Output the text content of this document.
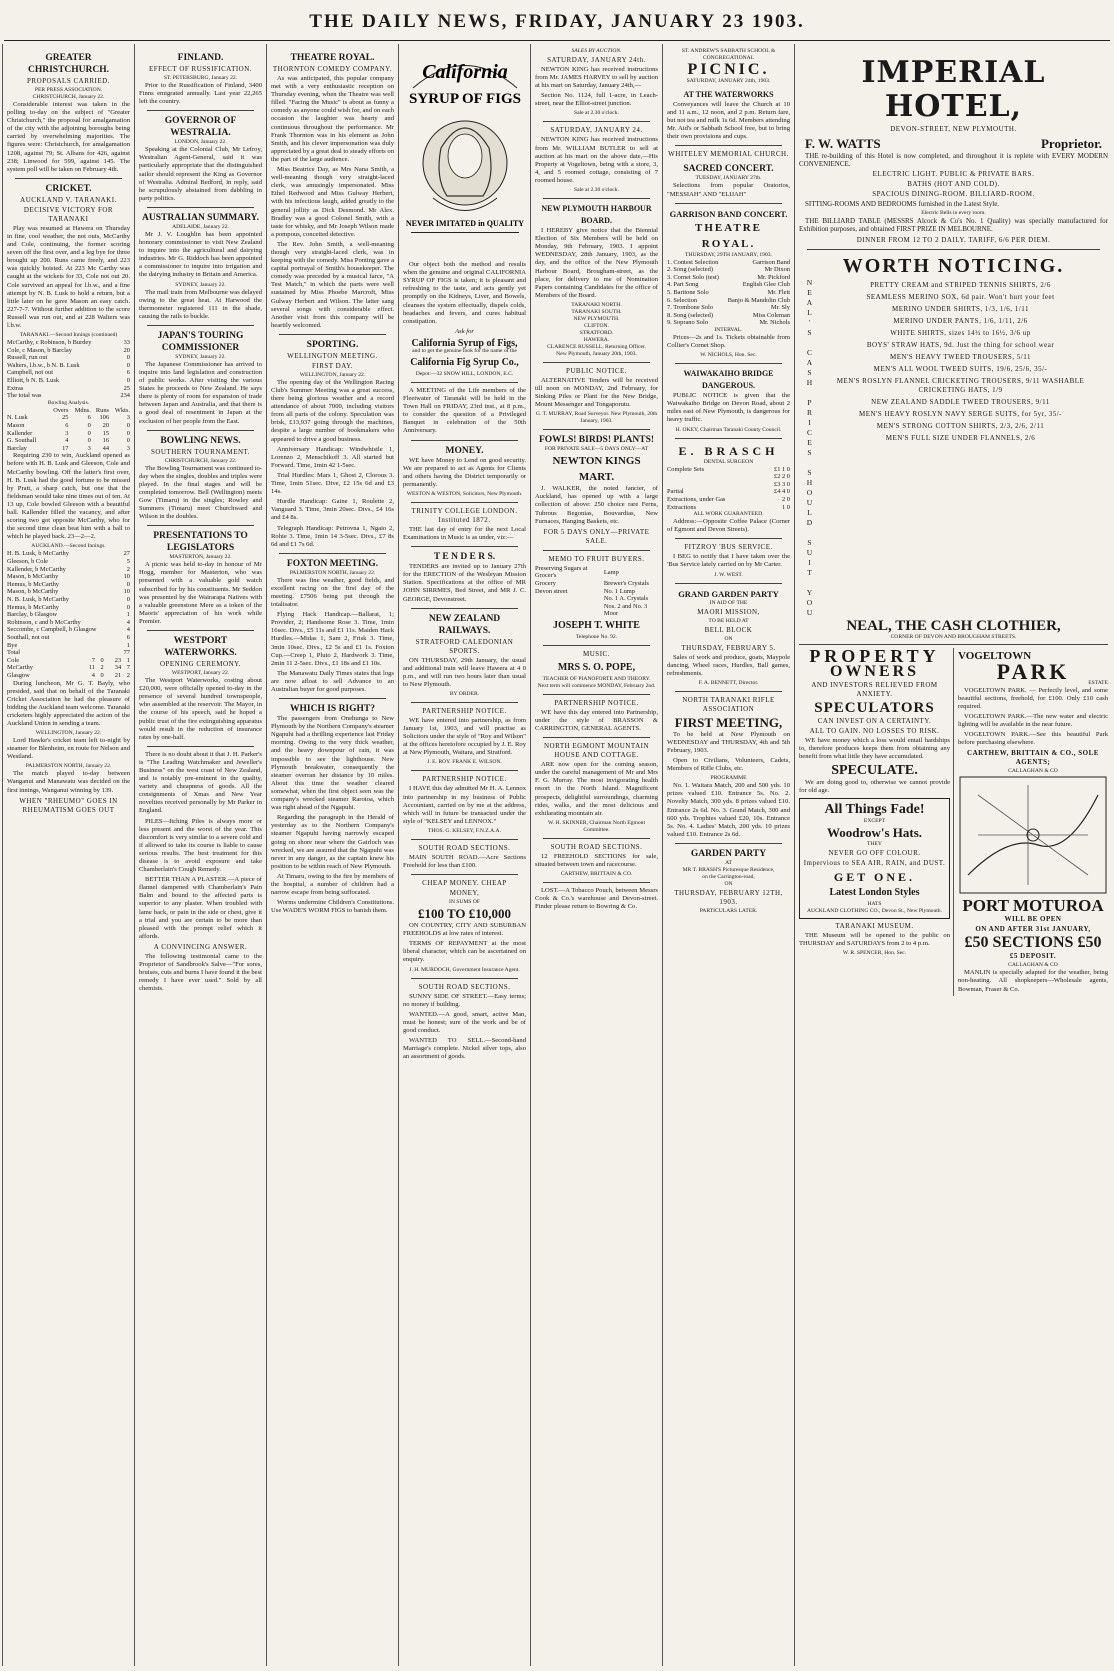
THE DAILY NEWS, FRIDAY, JANUARY 23 1903.
GREATER CHRISTCHURCH.
PROPOSALS CARRIED.
PER PRESS ASSOCIATION.
CHRISTCHURCH, January 22.
Considerable interest was taken in the polling to-day on the subject of "Greater Christchurch," the proposal for amalgamation of the city with the adjoining boroughs being carried by overwhelming majorities. The figures were: Christchurch, for amalgamation 1208, against 79; St. Albans for 426, against 238; Linwood for 599, against 145. The system poll will be taken on February 4th.
CRICKET.
AUCKLAND V. TARANAKI.
DECISIVE VICTORY FOR TARANAKI
Play was resumed at Hawera on Thursday in fine, cool weather, the not outs, McCarthy and Cole, continuing, the former scoring seven off the first over, and a leg bye for three brought up 200. Runs came freely, and 223 was quickly hoisted. At 223 Mc Carthy was caught at the wickets for 33, Cole not out 20. Cole survived an appeal for l.b.w., and a fine attempt by N. B. Lusk to hold a return, but a little later on he gave Mason an easy catch. 227-7-7. Without further addition to the score Russell was run out, and at 228 Walters was l.b.w.
TARANAKI.—Second Innings (continued)
McCarthy, c Robinson, b Burdey	33
Cole, c Mason, b Barclay	20
Russell, run out	0
Walters, l.b.w., b N. B. Lusk	0
Campbell, not out	6
Elliott, b N. B. Lusk	0
Extras	25
The total was	234
Bowling Analysis.
	Overs	Mdns.	Runs	Wkts.
N. Lusk	25	6	106	3
Mason	6	0	20	0
Kallender	3	0	15	0
G. Southall	4	0	16	0
Barclay	17	3	44	3
Requiring 230 to win, Auckland opened as before with H. B. Lusk and Gleeson, Cole and McCarthy bowling. Off the latter's first over, H. B. Lusk had the good fortune to be missed by Pratt, a sharp catch, but one that the fieldsman would take nine times out of ten. At 13 up, Cole bowled Gleeson with a beautiful ball. Kallender filled the vacancy, and after scoring two got opposite McCarthy, who for the second time clean beat him with a ball to which he played back. 23—2—2.
AUCKLAND.—Second Innings.
H. B. Lusk, b McCarthy	27
Gleeson, b Cole	5
Kallender, b McCarthy	2
Mason, b McCarthy	10
Hemus, b McCarthy	0
Mason, b McCarthy	10
N. B. Lusk, b McCarthy	0
Hemus, b McCarthy	0
Barclay, b Glasgow	1
Robinson, c and b McCarthy	4
Seccombe, c Campbell, b Glasgow	4
Southall, not out	6
Bye	1
Total	77
Cole	7	0	23	1
McCarthy	11	2	34	7
Glasgow	4	0	21	2
During luncheon, Mr G. T. Bayly, who presided, said that on behalf of the Taranaki Cricket Association he had the pleasure of bidding the Auckland team welcome. Taranaki cricketers highly appreciated the action of the Auckland Union in sending a team.
WELLINGTON, January 22.
Lord Hawke's cricket team left to-night by steamer for Blenheim, en route for Nelson and Westland.
PALMERSTON NORTH, January 22.
The match played to-day between Wanganui and Manawatu was decided on the first innings, Wanganui winning by 139.
WHEN "RHEUMO" GOES IN RHEUMATISM GOES OUT
FINLAND.
EFFECT OF RUSSIFICATION.
ST. PETERSBURG, January 22.
Prior to the Russification of Finland, 3400 Finns emigrated annually. Last year 22,265 left the country.
GOVERNOR OF WESTRALIA.
LONDON, January 22.
Speaking at the Colonial Club, Mr Lefroy, Westralian Agent-General, said it was particularly appropriate that the distinguished sailor should represent the King as Governor of Westralia. Admiral Bedford, in reply, said he scrupulously abstained from dabbling in party politics.
AUSTRALIAN SUMMARY.
ADELAIDE, January 22.
Mr J. V. Loughlin has been appointed honorary commissioner to visit New Zealand to inquire into the agricultural and dairying industries. Mr G. Riddoch has been appointed a commissioner to inquire into irrigation and the dairying industry in Britain and America.
SYDNEY, January 22.
The mail train from Melbourne was delayed owing to the great heat. At Harwood the thermometer registered 111 in the shade, causing the rails to buckle.
JAPAN'S TOURING COMMISSIONER
SYDNEY, January 22.
The Japanese Commissioner has arrived to inquire into land legislation and construction of public works. After visiting the various States he proceeds to New Zealand. He says there is plenty of room for expansion of trade between Japan and Australia, and that there is a good deal of resentment in Japan at the exclusion of her people from the East.
BOWLING NEWS.
SOUTHERN TOURNAMENT.
CHRISTCHURCH, January 22.
The Bowling Tournament was continued to-day when the singles, doubles and triples were played. In the final stages and will be completed tomorrow. Bell (Wellington) meets Gow (Timaru) in the singles; Rowley and Summers (Timaru) meet Churchward and Wilson in the doubles.
PRESENTATIONS TO LEGISLATORS
MASTERTON, January 22.
A picnic was held to-day in honour of Mr Hogg, member for Masterton, who was presented with a valuable gold watch subscribed for by his constituents. Mr Seddon was presented by the Wairarapa Natives with a valuable greenstone Mere as a token of the Maoris' appreciation of his work while Premier.
WESTPORT WATERWORKS.
OPENING CEREMONY.
WESTPORT, January 22.
The Westport Waterworks, costing about £20,000, were officially opened to-day in the presence of several hundred townspeople, who assembled at the reservoir. The Mayor, in the course of his speech, said he hoped a public trust of the fire extinguishing apparatus would result in the reduction of insurance rates by one-half.
There is no doubt about it that J. H. Parker's is "The Leading Watchmaker and Jeweller's Business" on the west coast of New Zealand, and is notably pre-eminent in the quality, variety and cheapness of goods. All the consignments of Xmas and New Year novelties received personally by Mr Parker in England.
PILES—Itching Piles is always more or less present and the worst of the year. This discomfort is very similar to a severe cold and if allowed to take its course is liable to cause serious results. The best treatment for this disease is to avoid exposure and take Chamberlain's Cough Remedy.
BETTER THAN A PLASTER.—A piece of flannel dampened with Chamberlain's Pain Balm and bound to the affected parts is superior to any plaster. When troubled with lame back, or pain in the side or chest, give it a trial and you are certain to be more than pleased with the prompt relief which it affords.
A CONVINCING ANSWER.
The following testimonial came to the Proprietor of Sandbrook's Salve—"For sores, bruises, cuts and burns I have found it the best remedy I have ever used." Sold by all chemists.
THEATRE ROYAL.
THORNTON COMEDY COMPANY.
As was anticipated, this popular company met with a very enthusiastic reception on Thursday evening, when the Theatre was well filled. "Facing the Music" is about as funny a comedy as anyone could wish for, and on each occasion the laughter was hearty and continuous throughout the performance. Mr Frank Thornton was in his element as John Smith, and his clever impersonation was duly appreciated by a great deal to steady efforts on the part of the large audience.
Miss Beatrice Day, as Mrs Nana Smith, a well-meaning though very straight-laced clerk, was amusingly impersonated. Miss Ethel Redwood and Miss Gulway Herbert, with his infectious laugh, added greatly to the general jollity as Dick Desmond. Mr Alex. Bradley was a good Colonel Smith, with a taste for whisky, and Mr Joseph Wilson made a pompous, conceited detective.
The Rev. John Smith, a well-meaning though very straight-laced clerk, was in keeping with the comedy. Miss Ponting gave a capital portrayal of Smith's housekeeper. The comedy was preceded by a musical farce, "A Test Match," in which the parts were well sustained by Miss Phoebe Marcroft, Miss Gulway Herbert and Wilson. The latter sang several songs with considerable effect. Another visit from this company will be heartily welcomed.
SPORTING.
WELLINGTON MEETING.
FIRST DAY.
WELLINGTON, January 22.
The opening day of the Wellington Racing Club's Summer Meeting was a great success, there being glorious weather and a record attendance of about 7000, including visitors from all parts of the colony. Speculation was brisk, £13,937 going through the machines, despite a large number of bookmakers who appeared to drive a good business.
Anniversary Handicap: Windwhistle 1, Lorenzo 2, Menschikoff 3. All started but Forward. Time, 1min 42 1-5sec.
Trial Hurdles: Mars 1, Ghost 2, Clorous 3. Time, 1min 51sec. Dive, £2 15s 6d and £3 14s.
Hurdle Handicap: Gaine 1, Roulette 2, Vanguard 3. Time, 3min 20sec. Divs., £4 16s and £4 8s.
Telegraph Handicap: Petrovna 1, Ngaio 2, Rohie 3. Time, 1min 14 3-5sec. Divs., £7 8s 6d and £1 7s 6d.
FOXTON MEETING.
PALMERSTON NORTH, January 22.
There was fine weather, good fields, and excellent racing on the first day of the meeting. £7506 being put through the totalisator.
Flying Hack Handicap.—Ballarat, 1; Provider, 2; Handsome Rose 3. Time, 1min 16sec. Divs., £5 11s and £1 11s. Maiden Hack Hurdles.—Midas 1, Sam 2, Frisk 3. Time, 3min 10sec. Divs., £2 5s and £1 1s. Foxton Cup.—Creep 1, Pluto 2, Hardwork 3. Time, 2min 11 2-5sec. Divs., £1 18s and £1 10s.
The Manawatu Daily Times states that logs are now afloat to sell Advance to an Australian buyer for good purposes.
WHICH IS RIGHT?
The passengers from Onehunga to New Plymouth by the Northern Company's steamer Ngapuhi had a thrilling experience last Friday morning. Owing to the very thick weather, and the heavy downpour of rain, it was impossible to see the lighthouse. New Plymouth breakwater, consequently the steamer overran her distance by 10 miles. About this time the weather cleared somewhat, when the first object seen was the company's wrecked steamer Rarotoa, which was right ahead of the Ngapuhi.
Regarding the paragraph in the Herald of yesterday as to the Northern Company's steamer Ngapuhi having narrowly escaped going on shore near where the Gairloch was wrecked, we are assured that the Ngapuhi was never in any danger, as the captain knew his position to be within reach of New Plymouth.
At Timaru, owing to the fire by members of the hospital, a number of children had a narrow escape from being suffocated.
Worms undermine Children's Constitutions. Use WADE'S WORM FIGS to banish them.
California
SYRUP OF FIGS
NEVER IMITATED in QUALITY
Our object both the method and results when the genuine and original CALIFORNIA SYRUP OF FIGS is taken; it is pleasant and refreshing to the taste, and acts gently yet promptly on the Kidneys, Liver, and Bowels, cleanses the system effectually, dispels colds, headaches and fevers, and cures habitual constipation.
Ask for
California Syrup of Figs,
and to get the genuine look for the name of the
California Fig Syrup Co.,
Depot:—32 SNOW HILL, LONDON, E.C.
A MEETING of the Life members of the Fleetwater of Taranaki will be held in the Town Hall on FRIDAY, 23rd inst., at 8 p.m., to consider the question of a Privileged Banquet in celebration of the 50th Anniversary.
MONEY.
WE have Money to Lend on good security. We are prepared to act as Agents for Clients and others having the District temporarily or permanently.
WESTON & WESTON, Solicitors, New Plymouth.
TRINITY COLLEGE LONDON. Instituted 1872.
THE last day of entry for the next Local Examinations in Music is as under, viz:—
T E N D E R S.
TENDERS are invited up to January 27th for the ERECTION of the Wesleyan Mission Station. Specifications at the office of MR JOHN SIRRMES, Bed Street, and MR J. C. GEORGE, Devonstreet.
NEW ZEALAND RAILWAYS.
STRATFORD CALEDONIAN SPORTS.
ON THURSDAY, 29th January, the usual and additional train will leave Hawera at 4 0 p.m., and will run two hours later than usual to New Plymouth.
BY ORDER.
PARTNERSHIP NOTICE.
WE have entered into partnership, as from January 1st, 1903, and will practise as Solicitors under the style of "Roy and Wilson" at the offices heretofore occupied by J. E. Roy at New Plymouth, Waitara, and Stratford.
J. E. ROY. FRANK E. WILSON.
PARTNERSHIP NOTICE.
I HAVE this day admitted Mr H. A. Lennox into partnership in my business of Public Accountant, carried on by me at the address, which will in future be transacted under the style of "KELSEY and LENNOX."
THOS. G. KELSEY, F.N.Z.A.A.
SOUTH ROAD SECTIONS.
MAIN SOUTH ROAD.—Acre Sections Freehold for less than £100.
CHEAP MONEY. CHEAP
MONEY,
IN SUMS OF
£100 TO £10,000
ON COUNTRY, CITY AND SUBURBAN FREEHOLDS at low rates of interest.
TERMS OF REPAYMENT at the most liberal character, which can be ascertained on enquiry.
J. H. MURDOCH, Government Insurance Agent.
SOUTH ROAD SECTIONS.
SUNNY SIDE OF STREET.—Easy terms; no money if building.
WANTED.—A good, smart, active Man, must be honest; sure of the work and be of good conduct.
WANTED TO SELL.—Second-hand Marriage's complete. Nickel silver tops, also an assortment of goods.
SALES BY AUCTION.
SATURDAY, JANUARY 24th.
NEWTON KING has received instructions from Mr. JAMES HARVEY to sell by auction at his mart on Saturday, January 24th,—
Section No. 1124, full 1-acre, in Leach-street, near the Elliot-street junction.
Sale at 2.30 o'clock.
SATURDAY, JANUARY 24.
NEWTON KING has received instructions from Mr. WILLIAM BUTLER to sell at auction at his mart on the above date,—His Property at Vogeltown, being with a store, 3, 4, and 5 roomed cottage, consisting of 7 roomed house.
Sale at 2.30 o'clock.
NEW PLYMOUTH HARBOUR BOARD.
I HEREBY give notice that the Biennial Election of Six Members will be held on Monday, 9th February, 1903. I appoint WEDNESDAY, 28th January, 1903, as the day, and the office of the New Plymouth Harbour Board, Brougham-street, as the place, for delivery to me of Nomination Papers containing Candidates for the office of Members of the Board.
TARANAKI NORTH.
TARANAKI SOUTH.
NEW PLYMOUTH.
CLIFTON.
STRATFORD.
HAWERA.
CLARENCE RUSSELL, Returning Officer.
New Plymouth, January 20th, 1903.
PUBLIC NOTICE.
ALTERNATIVE Tenders will be received till noon on MONDAY, 2nd February, for Sinking Piles or Plant for the New Bridge, Mount Messenger and Tongaporutu.
G. T. MURRAY, Road Surveyor. New Plymouth, 20th January, 1903.
FOWLS! BIRDS! PLANTS!
FOR PRIVATE SALE—5 DAYS ONLY—AT
NEWTON KINGS MART.
J. WALKER, the noted fancier, of Auckland, has opened up with a large collection of above: 250 choice rare Ferns, Tubrous Begonias, Bouvardias, New Furnaces, Hanging Baskets, etc.
FOR 5 DAYS ONLY—PRIVATE SALE.
MEMO TO FRUIT BUYERS.
Preserving Sugars at Grocer's	Lamp
Grocery	Brewer's Crystals
Devon street	No. 1 Lump
	No. 1 A. Crystals
	Nos. 2 and No. 3 Moor
JOSEPH T. WHITE
Telephone No. 92.
MUSIC.
MRS S. O. POPE,
TEACHER OF PIANOFORTE AND THEORY.
Next term will commence MONDAY, February 2nd.
PARTNERSHIP NOTICE.
WE have this day entered into Partnership, under the style of BRASSON & CARRINGTON, GENERAL AGENTS.
NORTH EGMONT MOUNTAIN HOUSE AND COTTAGE.
ARE now open for the coming season, under the careful management of Mr and Mrs F. G. Murray. The most invigorating health resort in the North Island. Magnificent prospects, delightful surroundings, charming rides, walks, and the most delicious and exhilarating mountain air.
W. H. SKINNER, Chairman North Egmont Committee.
SOUTH ROAD SECTIONS.
12 FREEHOLD SECTIONS for sale, situated between town and racecourse.
CARTHEW, BRITTAIN & CO.
LOST.—A Tobacco Pouch, between Messrs Cook & Co.'s warehouse and Devon-street. Finder please return to Bowring & Co.
ST. ANDREW'S SABBATH SCHOOL & CONGREGATIONAL
PICNIC.
SATURDAY, JANUARY 24th, 1903.
AT THE WATERWORKS
Conveyances will leave the Church at 10 and 11 a.m., 12 noon, and 2 p.m. Return fare, but not tea and milk 1s 6d. Members attending Mr. Aid's or Sabbath School free, but to bring their own provisions and cups.
WHITELEY MEMORIAL CHURCH.
SACRED CONCERT.
TUESDAY, JANUARY 27th.
Selections from popular Oratorios, "MESSIAH" AND "ELIJAH"
GARRISON BAND CONCERT.
THEATRE ROYAL.
THURSDAY, 29TH JANUARY, 1903.
1. Contest Selection	Garrison Band
2. Song (selected)	Mr Dixon
3. Cornet Solo (test)	Mr. Pickford
4. Part Song	English Glee Club
5. Baritone Solo	Mr. Flett
6. Selection	Banjo & Mandolin Club
7. Trombone Solo	Mr. Sly
8. Song (selected)	Miss Coleman
9. Soprano Solo	Mr. Nichols
INTERVAL.
Prices—2s and 1s. Tickets obtainable from Collier's Cornet Shop.
W. NICHOLS, Hon. Sec.
WAIWAKAIHO BRIDGE DANGEROUS.
PUBLIC NOTICE is given that the Waiwakaiho Bridge on Devon Road, about 2 miles east of New Plymouth, is dangerous for heavy traffic.
H. OKEY, Chairman Taranaki County Council.
E. BRASCH
DENTAL SURGEON
Complete Sets	£1 1 0
	£2 2 0
	£3 3 0
Partial	£4 4 0
Extractions, under Gas	2 0
Extractions	1 0
ALL WORK GUARANTEED.
Address:—Opposite Coffee Palace (Corner of Egmont and Devon Streets).
FITZROY 'BUS SERVICE.
I BEG to notify that I have taken over the 'Bus Service lately carried on by Mr Carter.
J. W. WEST.
GRAND GARDEN PARTY
IN AID OF THE
MAORI MISSION,
TO BE HELD AT
BELL BLOCK
ON
THURSDAY, FEBRUARY 5.
Sales of work and produce, goats, Maypole dancing, Wheel races, Hurdles, Ball games, refreshments.
F. A. BENNETT, Director.
NORTH TARANAKI RIFLE ASSOCIATION
FIRST MEETING,
To be held at New Plymouth on WEDNESDAY and THURSDAY, 4th and 5th February, 1903.
Open to Civilians, Volunteers, Cadets, Members of Rifle Clubs, etc.
PROGRAMME
No. 1. Waitara Match, 200 and 500 yds. 10 prizes valued £10. Entrance 5s. No. 2. Novelty Match, 300 yds. 8 prizes valued £10. Entrance 2s 6d. No. 3. Grand Match, 300 and 600 yds. Trophies valued £20, 10s. Entrance 5s. No. 4. Ladies' Match, 200 yds. 10 prizes valued £10. Entrance 2s 6d.
GARDEN PARTY
AT
MR T. BRASH'S Picturesque Residence,
on the Carrington-road,
ON
THURSDAY, FEBRUARY 12TH, 1903.
PARTICULARS LATER.
IMPERIAL HOTEL,
DEVON-STREET, NEW PLYMOUTH.
F. W. WATTS	Proprietor.
THE re-building of this Hotel is now completed, and throughout it is replete with EVERY MODERN CONVENIENCE.
ELECTRIC LIGHT. PUBLIC & PRIVATE BARS.
BATHS (HOT AND COLD).
SPACIOUS DINING-ROOM. BILLIARD-ROOM.
SITTING-ROOMS AND BEDROOMS furnished in the Latest Style.
Electric Bells in every room.
THE BILLIARD TABLE (MESSRS Alcock & Co's No. 1 Quality) was specially manufactured for Exhibition purposes, and obtained FIRST PRIZE IN MELBOURNE.
DINNER FROM 12 TO 2 DAILY. TARIFF, 6/6 PER DIEM.
WORTH NOTICING.
NEAL'S CASH PRICES SHOULD SUIT YOU	PRETTY CREAM and STRIPED TENNIS SHIRTS, 2/6
SEAMLESS MERINO SOX, 6d pair. Won't hurt your feet
MERINO UNDER SHIRTS, 1/3, 1/6, 1/11
MERINO UNDER PANTS, 1/6, 1/11, 2/6
WHITE SHIRTS, sizes 14½ to 16½, 3/6 up
BOYS' STRAW HATS, 9d. Just the thing for school wear
MEN'S HEAVY TWEED TROUSERS, 5/11
MEN'S ALL WOOL TWEED SUITS, 19/6, 25/6, 35/-
MEN'S ROSLYN FLANNEL CRICKETING TROUSERS, 9/11 WASHABLE CRICKETING HATS, 1/9
NEW ZEALAND SADDLE TWEED TROUSERS, 9/11
MEN'S HEAVY ROSLYN NAVY SERGE SUITS, for 5yr, 35/-
MEN'S STRONG COTTON SHIRTS, 2/3, 2/6, 2/11
MEN'S FULL SIZE UNDER FLANNELS, 2/6
NEAL, THE CASH CLOTHIER,
CORNER OF DEVON AND BROUGHAM STREETS.
PROPERTY
OWNERS
AND INVESTORS RELIEVED FROM ANXIETY.
SPECULATORS
CAN INVEST ON A CERTAINTY.
ALL TO GAIN. NO LOSSES TO RISK.
WE have money which a loss would entail hardships to, therefore produces keeps them from obtaining any benefit from what little they have accumulated.
SPECULATE.
We are doing good to, otherwise we cannot provide for old age.
All Things Fade!
EXCEPT
Woodrow's Hats.
THEY
NEVER GO OFF COLOUR.
Impervious to SEA AIR, RAIN, and DUST.
GET ONE.
Latest London Styles
HATS
AUCKLAND CLOTHING CO., Devon St., New Plymouth.
TARANAKI MUSEUM.
THE Museum will be opened to the public on THURSDAY and SATURDAYS from 2 to 4 p.m.
W. R. SPENCER, Hon. Sec.
VOGELTOWN
PARK	ESTATE
VOGELTOWN PARK. — Perfectly level, and some beautiful sections, freehold, for £100. Only £10 cash required.
VOGELTOWN PARK.—The new water and electric lighting will be available in the near future.
VOGELTOWN PARK.—See this beautiful Park before purchasing elsewhere.
CARTHEW, BRITTAIN & CO., SOLE AGENTS;
CALLAGHAN & CO
PORT MOTUROA
WILL BE OPEN
ON AND AFTER 31st JANUARY,
£50 SECTIONS £50
£5 DEPOSIT.
CALLAGHAN & CO
MANLIN is specially adapted for the weather, being non-heating. All shopkeepers—Wholesale agents, Bowman, Fraser & Co.
